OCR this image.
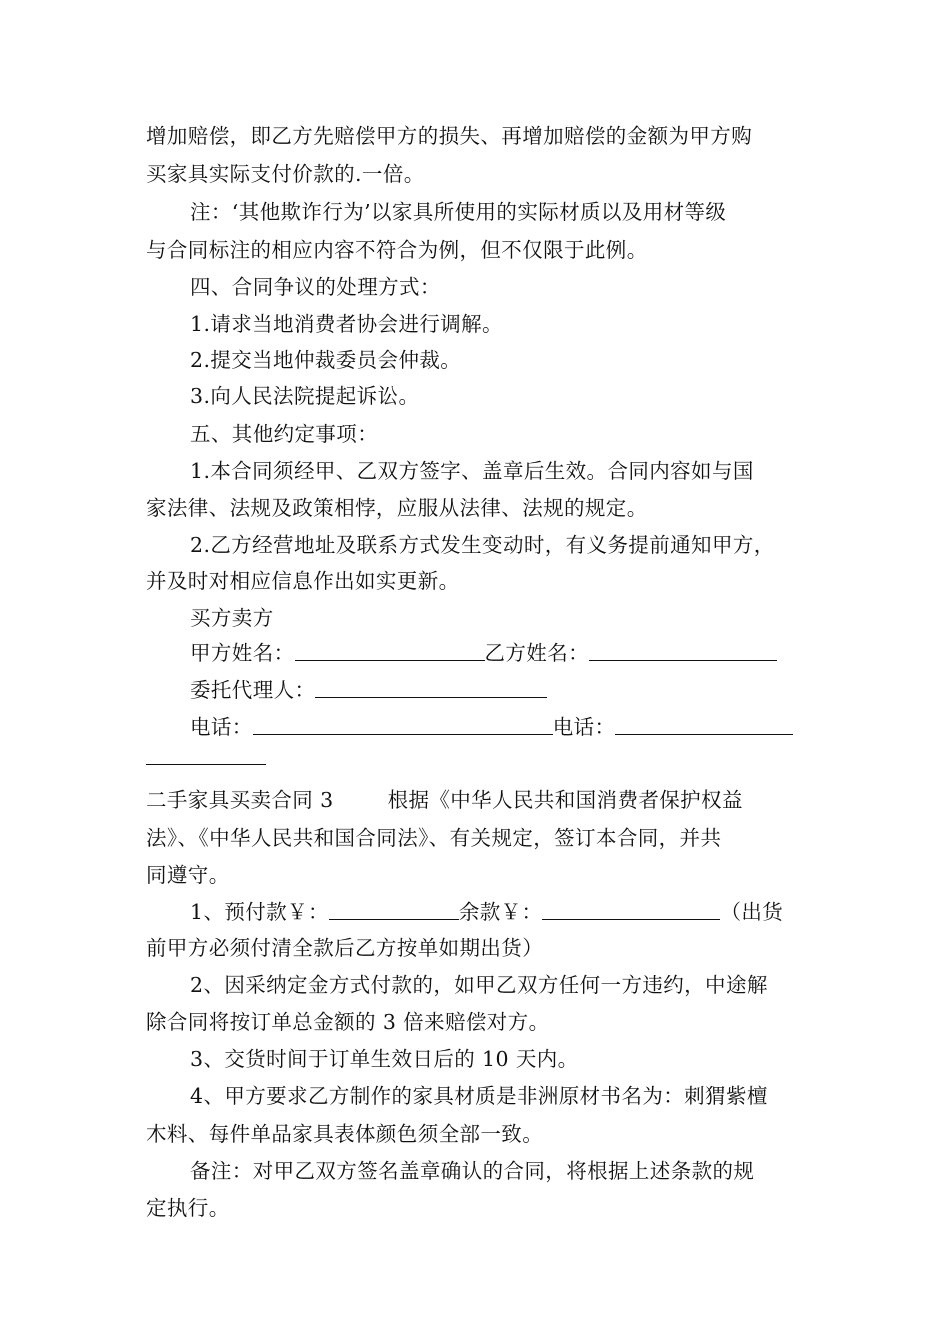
增加赔偿，即乙方先赔偿甲方的损失、再增加赔偿的金额为甲方购
买家具实际支付价款的.一倍。
注：‘其他欺诈行为’以家具所使用的实际材质以及用材等级
与合同标注的相应内容不符合为例，但不仅限于此例。
四、合同争议的处理方式：
1.请求当地消费者协会进行调解。
2.提交当地仲裁委员会仲裁。
3.向人民法院提起诉讼。
五、其他约定事项：
1.本合同须经甲、乙双方签字、盖章后生效。合同内容如与国
家法律、法规及政策相悖，应服从法律、法规的规定。
2.乙方经营地址及联系方式发生变动时，有义务提前通知甲方，
并及时对相应信息作出如实更新。
买方卖方
甲方姓名：	乙方姓名：
委托代理人：
电话：	电话：
二手家具买卖合同 3	根据《中华人民共和国消费者保护权益
法》、《中华人民共和国合同法》、有关规定，签订本合同，并共
同遵守。
1、预付款￥：	余款￥：	（出货
前甲方必须付清全款后乙方按单如期出货）
2、因采纳定金方式付款的，如甲乙双方任何一方违约，中途解
除合同将按订单总金额的 3 倍来赔偿对方。
3、交货时间于订单生效日后的 10 天内。
4、甲方要求乙方制作的家具材质是非洲原材书名为：刺猬紫檀
木料、每件单品家具表体颜色须全部一致。
备注：对甲乙双方签名盖章确认的合同，将根据上述条款的规
定执行。
